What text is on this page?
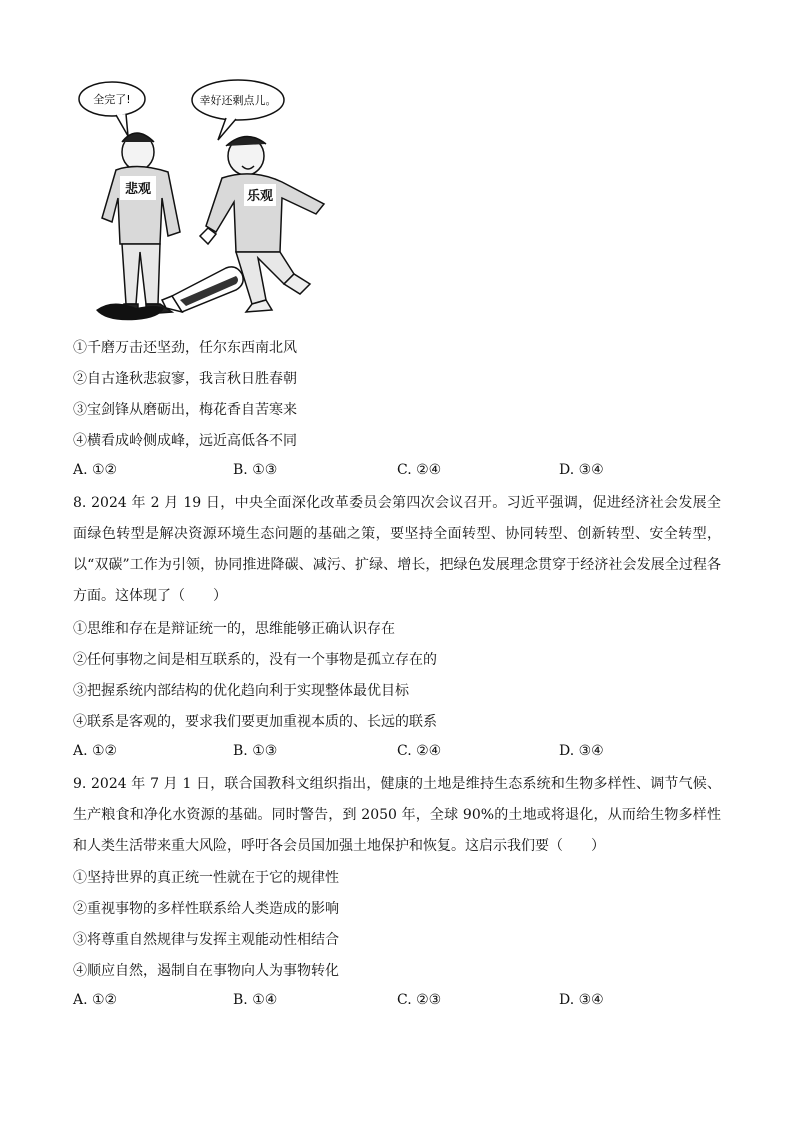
全完了!	幸好还剩点儿。
悲观	乐观
①千磨万击还坚劲，任尔东西南北风
②自古逢秋悲寂寥，我言秋日胜春朝
③宝剑锋从磨砺出，梅花香自苦寒来
④横看成岭侧成峰，远近高低各不同
A. ①②	B. ①③	C. ②④	D. ③④
8. 2024 年 2 月 19 日，中央全面深化改革委员会第四次会议召开。习近平强调，促进经济社会发展全面绿色转型是解决资源环境生态问题的基础之策，要坚持全面转型、协同转型、创新转型、安全转型，以“双碳”工作为引领，协同推进降碳、减污、扩绿、增长，把绿色发展理念贯穿于经济社会发展全过程各方面。这体现了（　　）
①思维和存在是辩证统一的，思维能够正确认识存在
②任何事物之间是相互联系的，没有一个事物是孤立存在的
③把握系统内部结构的优化趋向利于实现整体最优目标
④联系是客观的，要求我们要更加重视本质的、长远的联系
A. ①②	B. ①③	C. ②④	D. ③④
9. 2024 年 7 月 1 日，联合国教科文组织指出，健康的土地是维持生态系统和生物多样性、调节气候、生产粮食和净化水资源的基础。同时警告，到 2050 年，全球 90%的土地或将退化，从而给生物多样性和人类生活带来重大风险，呼吁各会员国加强土地保护和恢复。这启示我们要（　　）
①坚持世界的真正统一性就在于它的规律性
②重视事物的多样性联系给人类造成的影响
③将尊重自然规律与发挥主观能动性相结合
④顺应自然，遏制自在事物向人为事物转化
A. ①②	B. ①④	C. ②③	D. ③④
